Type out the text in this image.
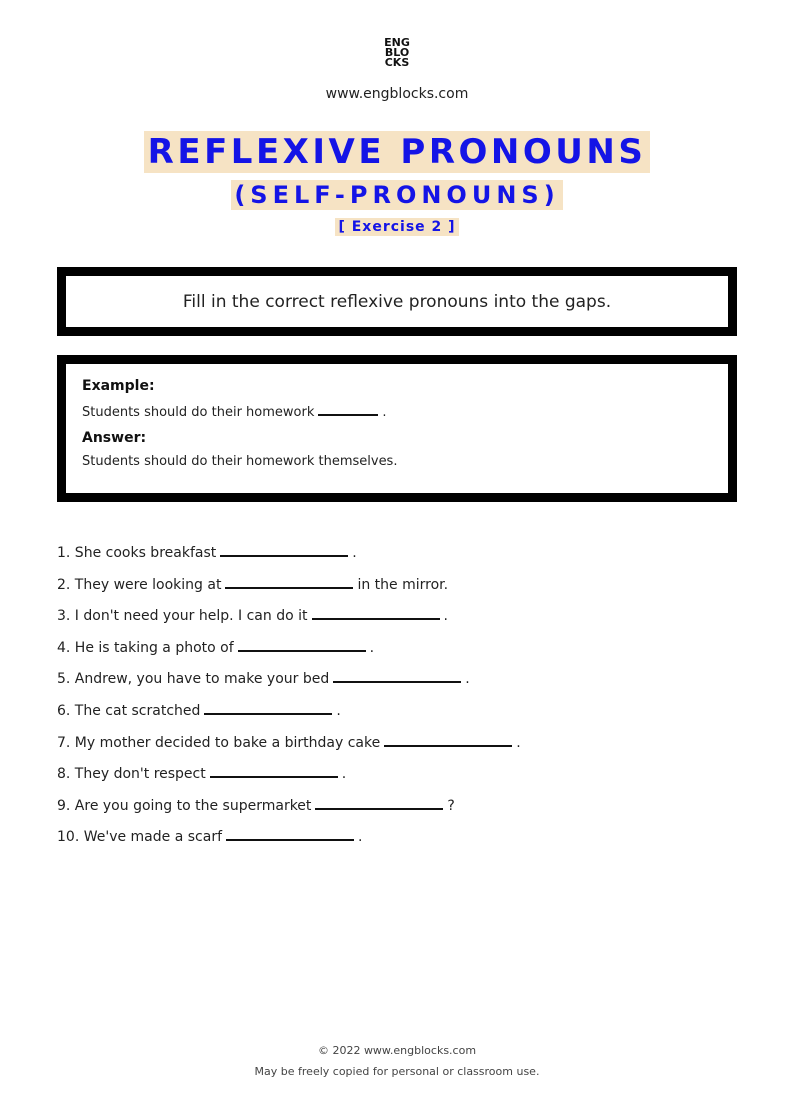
ENG
BLO
CKS
www.engblocks.com
REFLEXIVE PRONOUNS
(SELF-PRONOUNS)
[ Exercise 2 ]
Fill in the correct reflexive pronouns into the gaps.

Example:

Students should do their homework	.

Answer:

Students should do their homework themselves.

1. She cooks breakfast	.
2. They were looking at	in the mirror.
3. I don't need your help. I can do it	.
4. He is taking a photo of	.
5. Andrew, you have to make your bed	.
6. The cat scratched	.
7. My mother decided to bake a birthday cake	.
8. They don't respect	.
9. Are you going to the supermarket	?
10. We've made a scarf	.
© 2022 www.engblocks.com
May be freely copied for personal or classroom use.
